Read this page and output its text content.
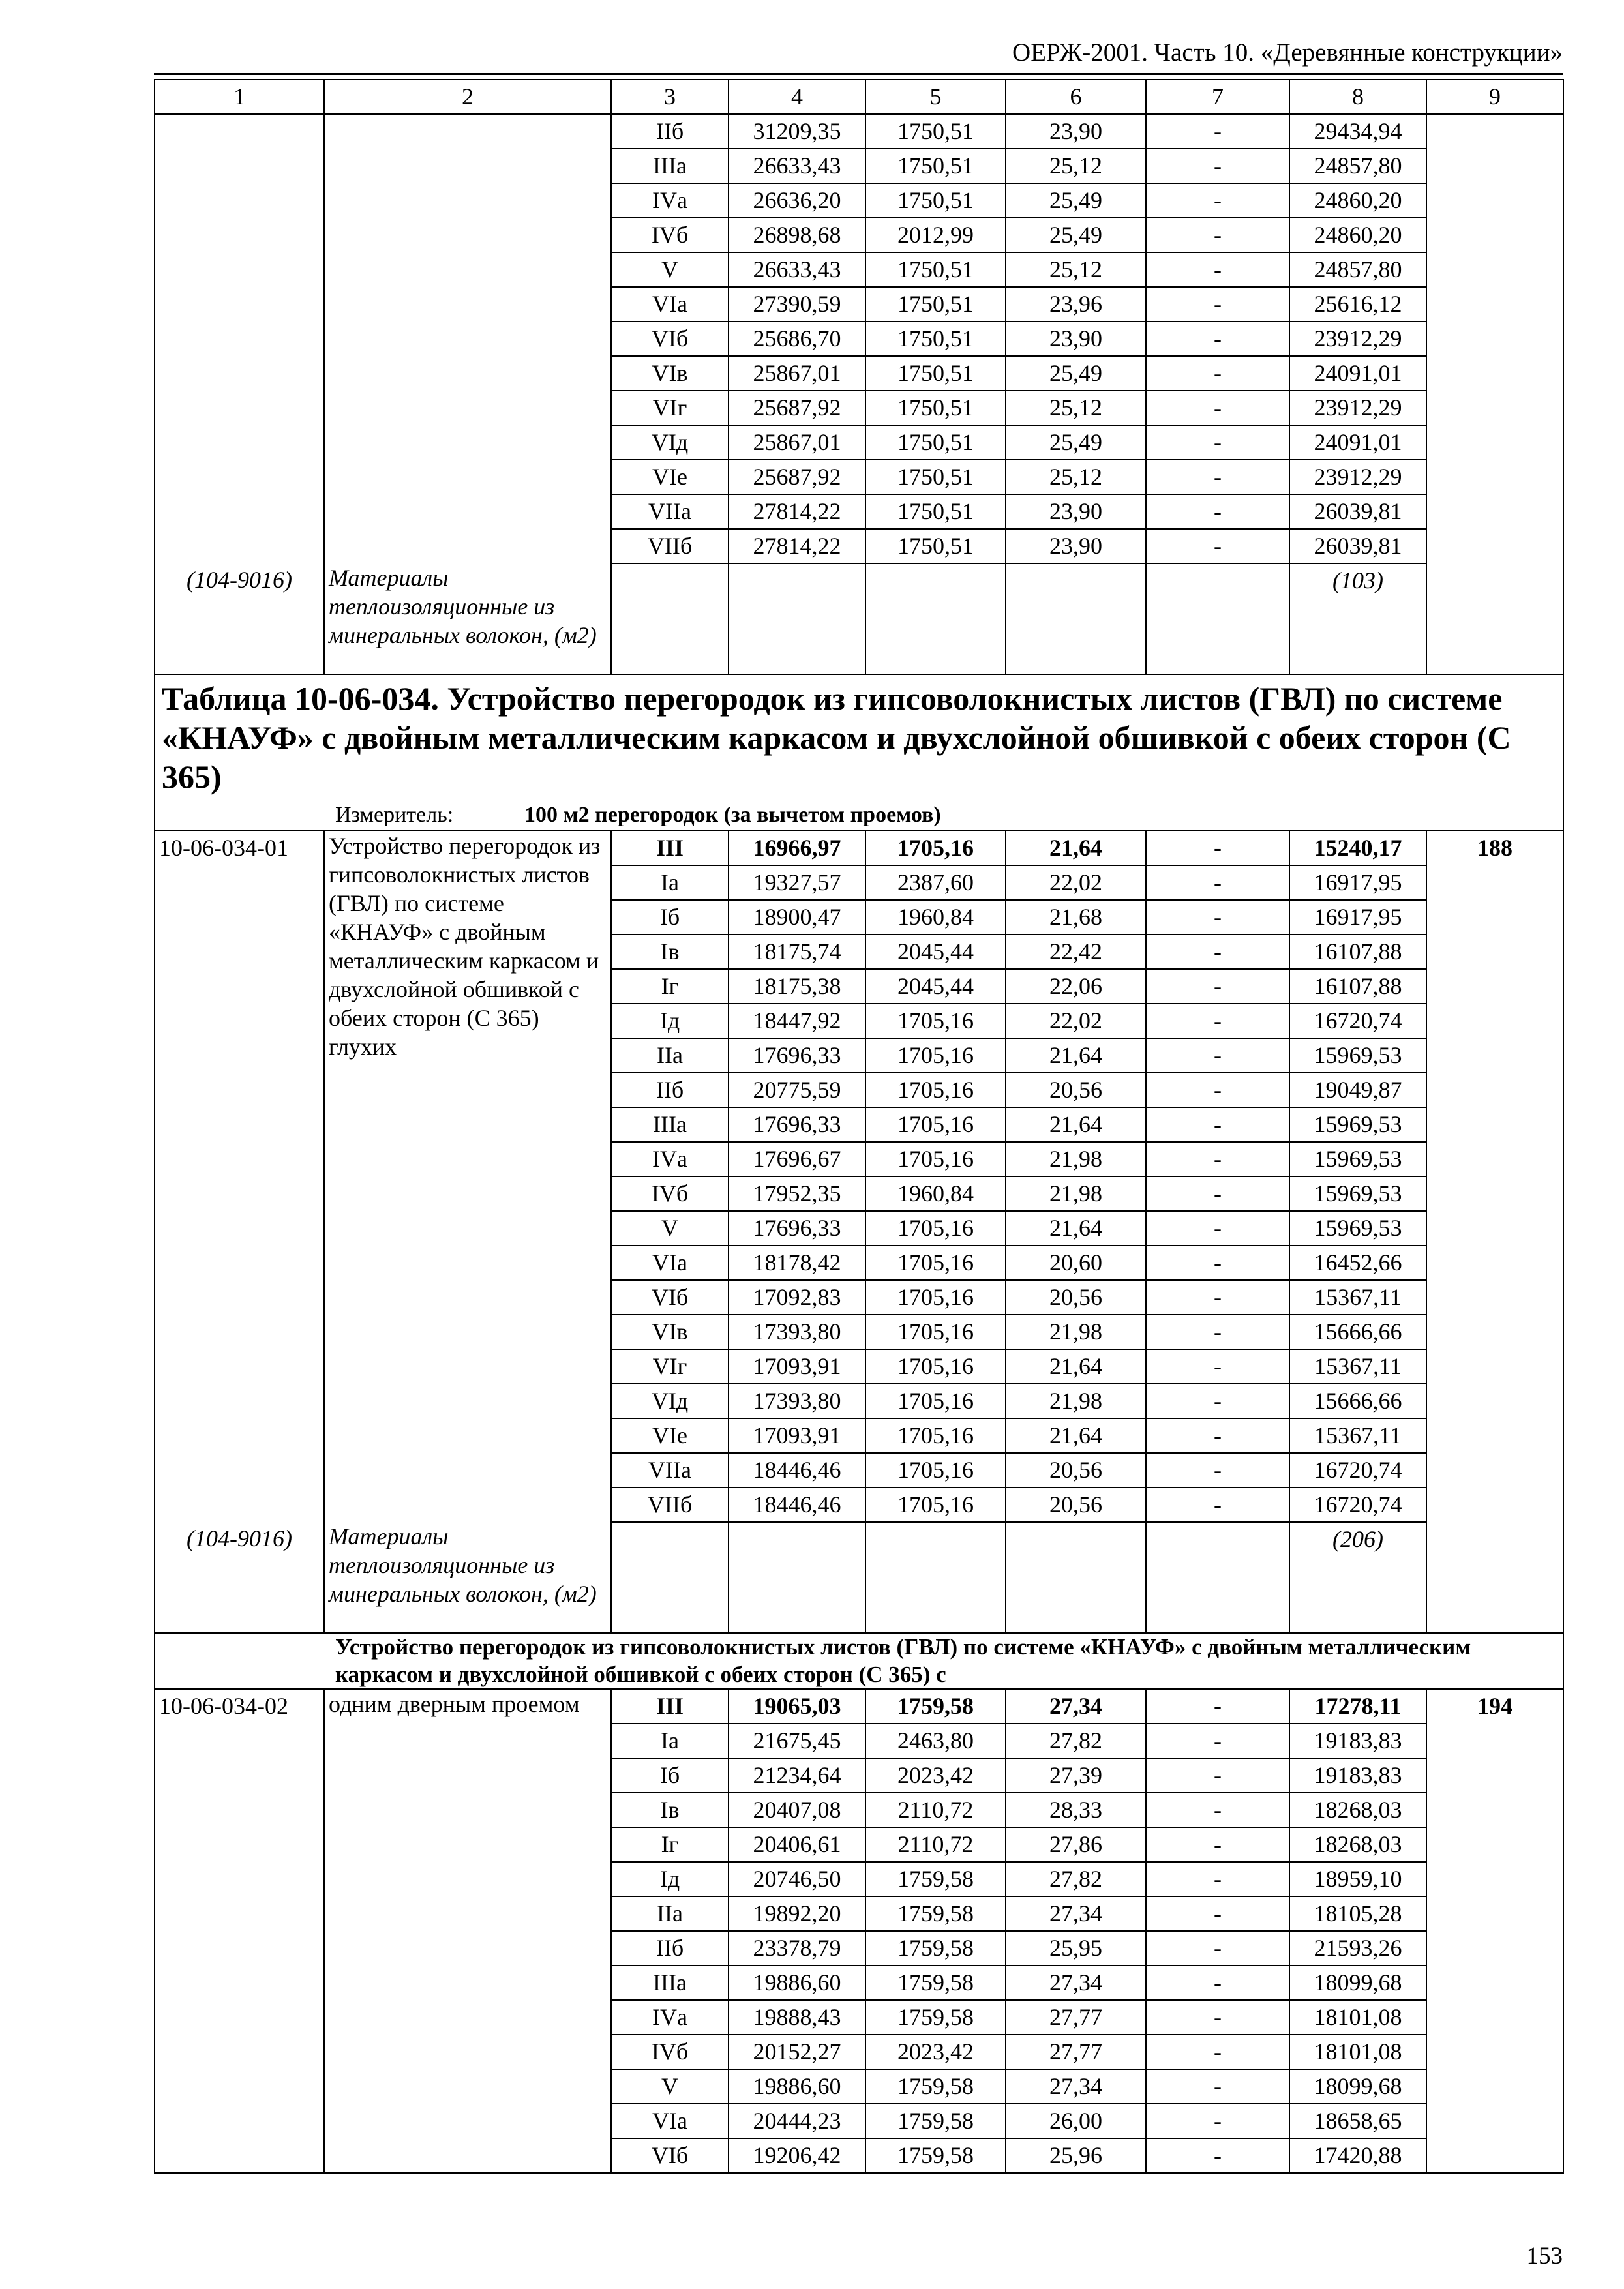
ОЕРЖ-2001. Часть 10. «Деревянные конструкции»
1	2	3	4	5	6	7	8	9
		IIб	31209,35	1750,51	23,90	-	29434,94	
		IIIа	26633,43	1750,51	25,12	-	24857,80	
		IVа	26636,20	1750,51	25,49	-	24860,20	
		IVб	26898,68	2012,99	25,49	-	24860,20	
		V	26633,43	1750,51	25,12	-	24857,80	
		VIа	27390,59	1750,51	23,96	-	25616,12	
		VIб	25686,70	1750,51	23,90	-	23912,29	
		VIв	25867,01	1750,51	25,49	-	24091,01	
		VIг	25687,92	1750,51	25,12	-	23912,29	
		VIд	25867,01	1750,51	25,49	-	24091,01	
		VIе	25687,92	1750,51	25,12	-	23912,29	
		VIIа	27814,22	1750,51	23,90	-	26039,81	
		VIIб	27814,22	1750,51	23,90	-	26039,81	
(104-9016)	Материалы теплоизоляционные из минеральных волокон, (м2)						(103)	

Таблица 10-06-034. Устройство перегородок из гипсоволокнистых листов (ГВЛ) по системе «КНАУФ» с двойным металлическим каркасом и двухслойной обшивкой с обеих сторон (С 365)
Измеритель: 100 м2 перегородок (за вычетом проемов)								

10-06-034-01	Устройство перегородок из гипсоволокнистых листов (ГВЛ) по системе «КНАУФ» с двойным металлическим каркасом и двухслойной обшивкой с обеих сторон (С 365) глухих	III	16966,97	1705,16	21,64	-	15240,17	188
		Iа	19327,57	2387,60	22,02	-	16917,95	
		Iб	18900,47	1960,84	21,68	-	16917,95	
		Iв	18175,74	2045,44	22,42	-	16107,88	
		Iг	18175,38	2045,44	22,06	-	16107,88	
		Iд	18447,92	1705,16	22,02	-	16720,74	
		IIа	17696,33	1705,16	21,64	-	15969,53	
		IIб	20775,59	1705,16	20,56	-	19049,87	
		IIIа	17696,33	1705,16	21,64	-	15969,53	
		IVа	17696,67	1705,16	21,98	-	15969,53	
		IVб	17952,35	1960,84	21,98	-	15969,53	
		V	17696,33	1705,16	21,64	-	15969,53	
		VIа	18178,42	1705,16	20,60	-	16452,66	
		VIб	17092,83	1705,16	20,56	-	15367,11	
		VIв	17393,80	1705,16	21,98	-	15666,66	
		VIг	17093,91	1705,16	21,64	-	15367,11	
		VIд	17393,80	1705,16	21,98	-	15666,66	
		VIе	17093,91	1705,16	21,64	-	15367,11	
		VIIа	18446,46	1705,16	20,56	-	16720,74	
		VIIб	18446,46	1705,16	20,56	-	16720,74	
(104-9016)	Материалы теплоизоляционные из минеральных волокон, (м2)						(206)	

Устройство перегородок из гипсоволокнистых листов (ГВЛ) по системе «КНАУФ» с двойным металлическим каркасом и двухслойной обшивкой с обеих сторон (С 365) с								

10-06-034-02	одним дверным проемом	III	19065,03	1759,58	27,34	-	17278,11	194
		Iа	21675,45	2463,80	27,82	-	19183,83	
		Iб	21234,64	2023,42	27,39	-	19183,83	
		Iв	20407,08	2110,72	28,33	-	18268,03	
		Iг	20406,61	2110,72	27,86	-	18268,03	
		Iд	20746,50	1759,58	27,82	-	18959,10	
		IIа	19892,20	1759,58	27,34	-	18105,28	
		IIб	23378,79	1759,58	25,95	-	21593,26	
		IIIа	19886,60	1759,58	27,34	-	18099,68	
		IVа	19888,43	1759,58	27,77	-	18101,08	
		IVб	20152,27	2023,42	27,77	-	18101,08	
		V	19886,60	1759,58	27,34	-	18099,68	
		VIа	20444,23	1759,58	26,00	-	18658,65	
		VIб	19206,42	1759,58	25,96	-	17420,88	
153
